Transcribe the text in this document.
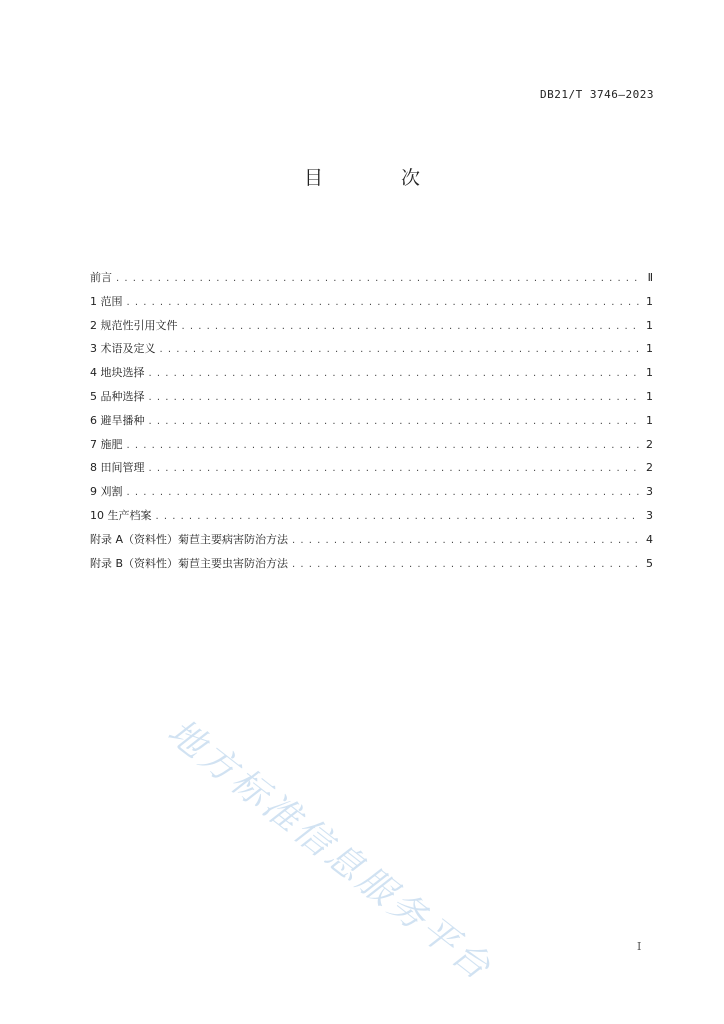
DB21/T 3746—2023
目 次
前言 . . .	Ⅱ
1 范围 . . .	1
2 规范性引用文件 . . .	1
3 术语及定义 . . .	1
4 地块选择 . . .	1
5 品种选择 . . .	1
6 避旱播种 . . .	1
7 施肥 . . .	2
8 田间管理 . . .	2
9 刈割 . . .	3
10 生产档案 . . .	3
附录 A（资料性）菊苣主要病害防治方法 . . .	4
附录 B（资料性）菊苣主要虫害防治方法 . . .	5
地方标准信息服务平台	I
